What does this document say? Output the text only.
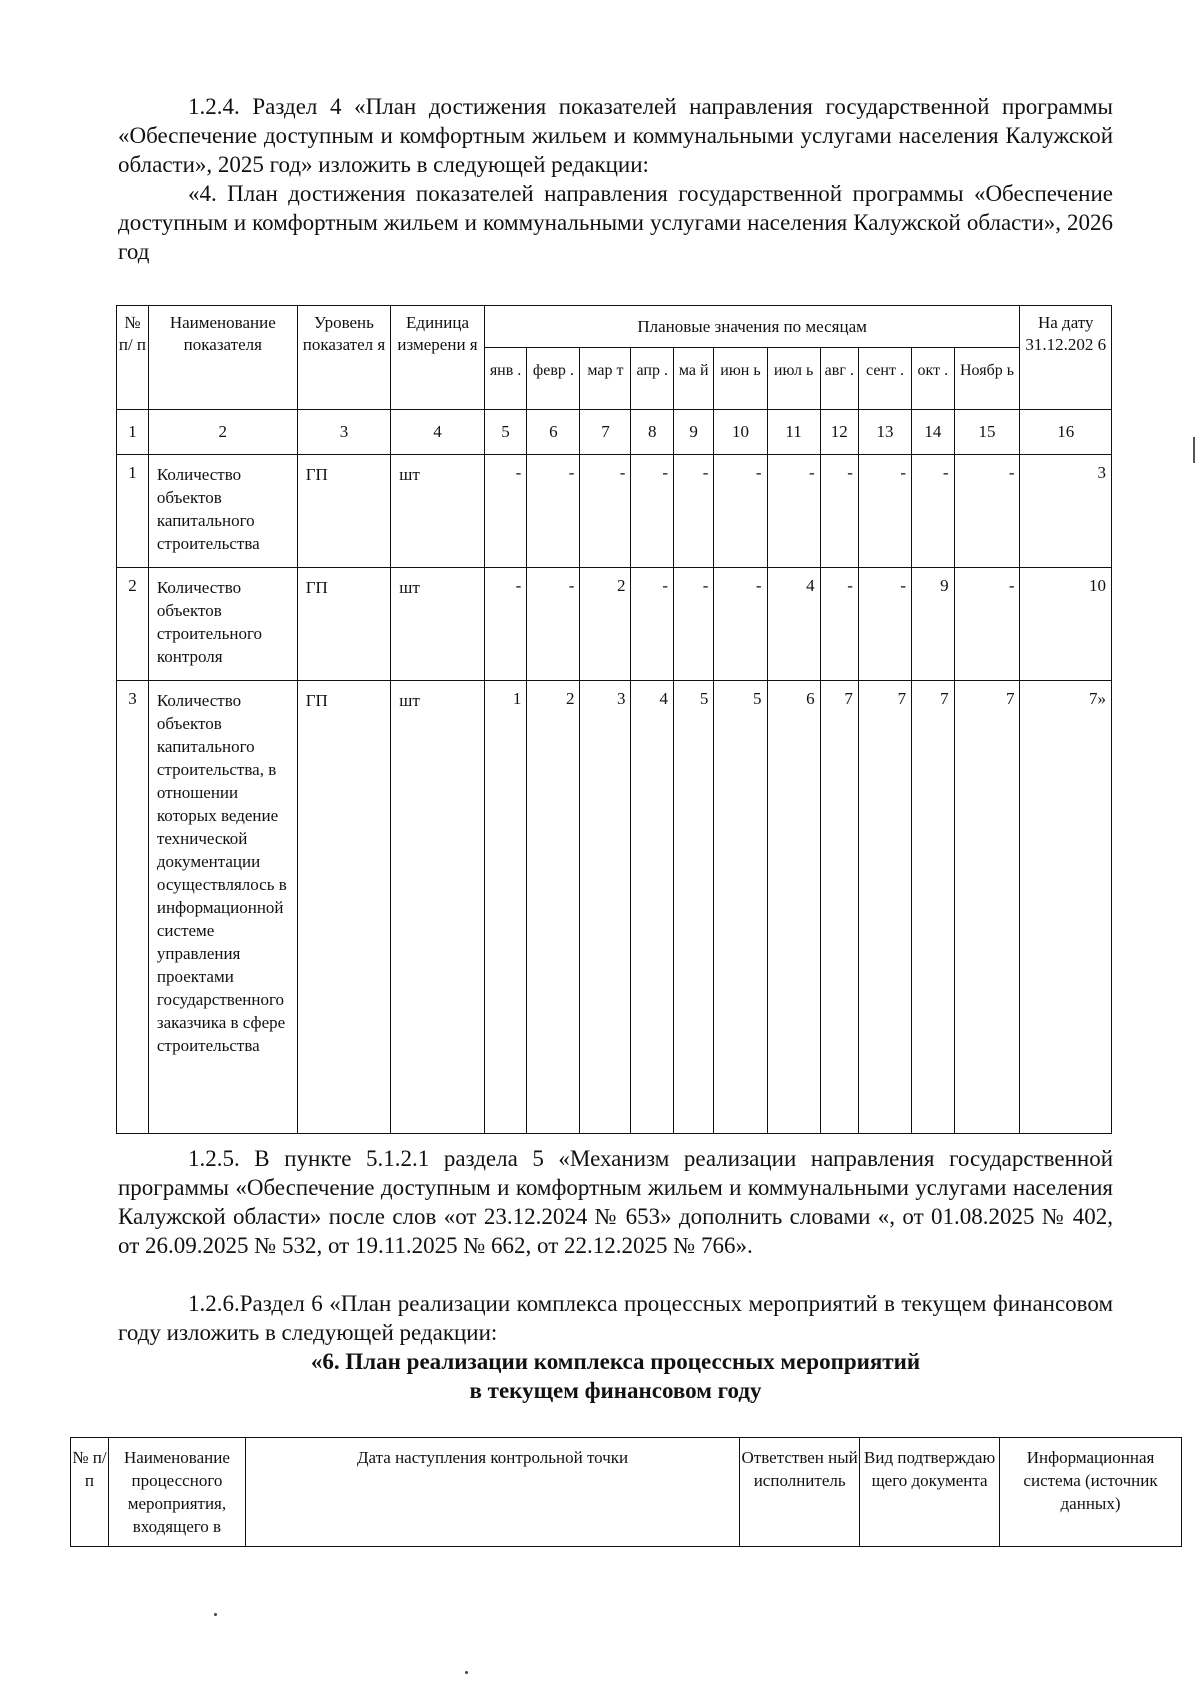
1.2.4. Раздел 4 «План достижения показателей направления государственной программы «Обеспечение доступным и комфортным жильем и коммунальными услугами населения Калужской области», 2025 год» изложить в следующей редакции:

«4. План достижения показателей направления государственной программы «Обеспечение доступным и комфортным жильем и коммунальными услугами населения Калужской области», 2026 год

№ п/ п	Наименование показателя	Уровень показател я	Единица измерени я	Плановые значения по месяцам											На дату 31.12.202 6
				янв .	февр .	мар т	апр .	ма й	июн ь	июл ь	авг .	сент .	окт .	Ноябр ь	
1	2	3	4	5	6	7	8	9	10	11	12	13	14	15	16
1	Количество объектов капитального строительства	ГП	шт	-	-	-	-	-	-	-	-	-	-	-	3
2	Количество объектов строительного контроля	ГП	шт	-	-	2	-	-	-	4	-	-	9	-	10
3	Количество объектов капитального строительства, в отношении которых ведение технической документации осуществлялось в информационной системе управления проектами государственного заказчика в сфере строительства	ГП	шт	1	2	3	4	5	5	6	7	7	7	7	7»

1.2.5. В пункте 5.1.2.1 раздела 5 «Механизм реализации направления государственной программы «Обеспечение доступным и комфортным жильем и коммунальными услугами населения Калужской области» после слов «от 23.12.2024 № 653» дополнить словами «, от 01.08.2025 № 402, от 26.09.2025 № 532, от 19.11.2025 № 662, от 22.12.2025 № 766».

1.2.6.Раздел 6 «План реализации комплекса процессных мероприятий в текущем финансовом году изложить в следующей редакции:

«6. План реализации комплекса процессных мероприятий

в текущем финансовом году

№ п/п	Наименование процессного мероприятия, входящего в	Дата наступления контрольной точки	Ответствен ный исполнитель	Вид подтверждаю щего документа	Информационная система (источник данных)
